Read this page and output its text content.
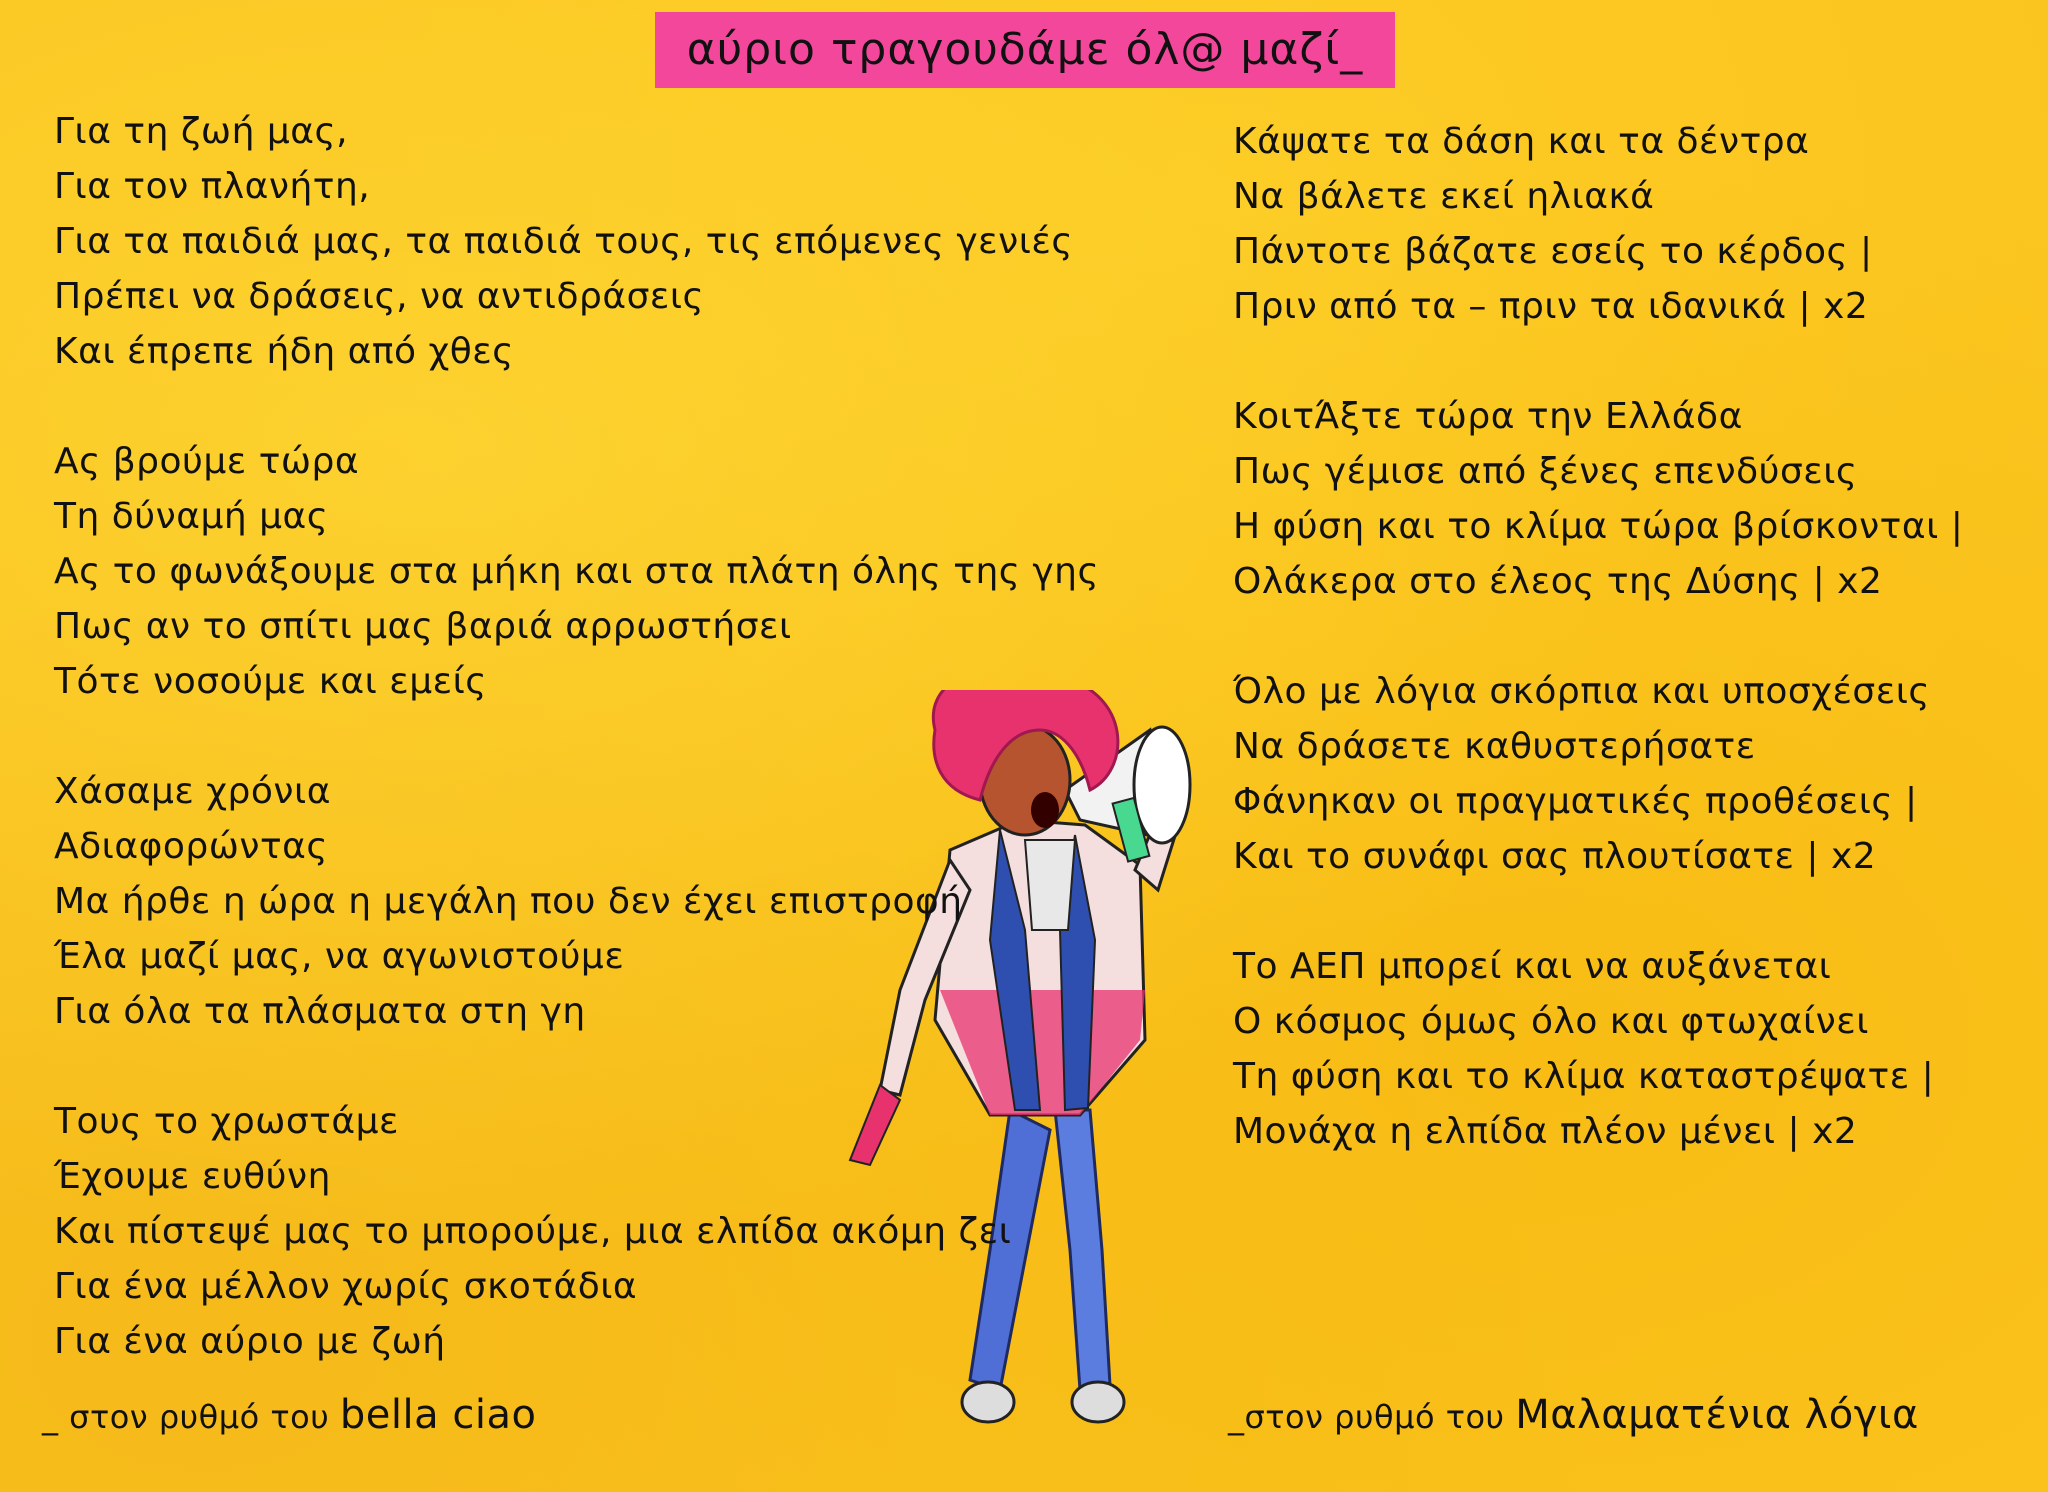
αύριο τραγουδάμε όλ@ μαζί_
Για τη ζωή μας,
Για τον πλανήτη,
Για τα παιδιά μας, τα παιδιά τους, τις επόμενες γενιές
Πρέπει να δράσεις, να αντιδράσεις
Και έπρεπε ήδη από χθες
Ας βρούμε τώρα
Τη δύναμή μας
Ας το φωνάξουμε στα μήκη και στα πλάτη όλης της γης
Πως αν το σπίτι μας βαριά αρρωστήσει
Τότε νοσούμε και εμείς
Χάσαμε χρόνια
Αδιαφορώντας
Μα ήρθε η ώρα η μεγάλη που δεν έχει επιστροφή
Έλα μαζί μας, να αγωνιστούμε
Για όλα τα πλάσματα στη γη
Τους το χρωστάμε
Έχουμε ευθύνη
Και πίστεψέ μας το μπορούμε, μια ελπίδα ακόμη ζει
Για ένα μέλλον χωρίς σκοτάδια
Για ένα αύριο με ζωή
Κάψατε τα δάση και τα δέντρα
Να βάλετε εκεί ηλιακά
Πάντοτε βάζατε εσείς το κέρδος |
Πριν από τα – πριν τα ιδανικά | x2
ΚοιτΆξτε τώρα την Ελλάδα
Πως γέμισε από ξένες επενδύσεις
Η φύση και το κλίμα τώρα βρίσκονται |
Ολάκερα στο έλεος της Δύσης | x2
Όλο με λόγια σκόρπια και υποσχέσεις
Να δράσετε καθυστερήσατε
Φάνηκαν οι πραγματικές προθέσεις |
Και το συνάφι σας πλουτίσατε | x2
Το ΑΕΠ μπορεί και να αυξάνεται
Ο κόσμος όμως όλο και φτωχαίνει
Τη φύση και το κλίμα καταστρέψατε |
Μονάχα η ελπίδα πλέον μένει | x2
_ στον ρυθμό του bella ciao	_στον ρυθμό του Μαλαματένια λόγια
